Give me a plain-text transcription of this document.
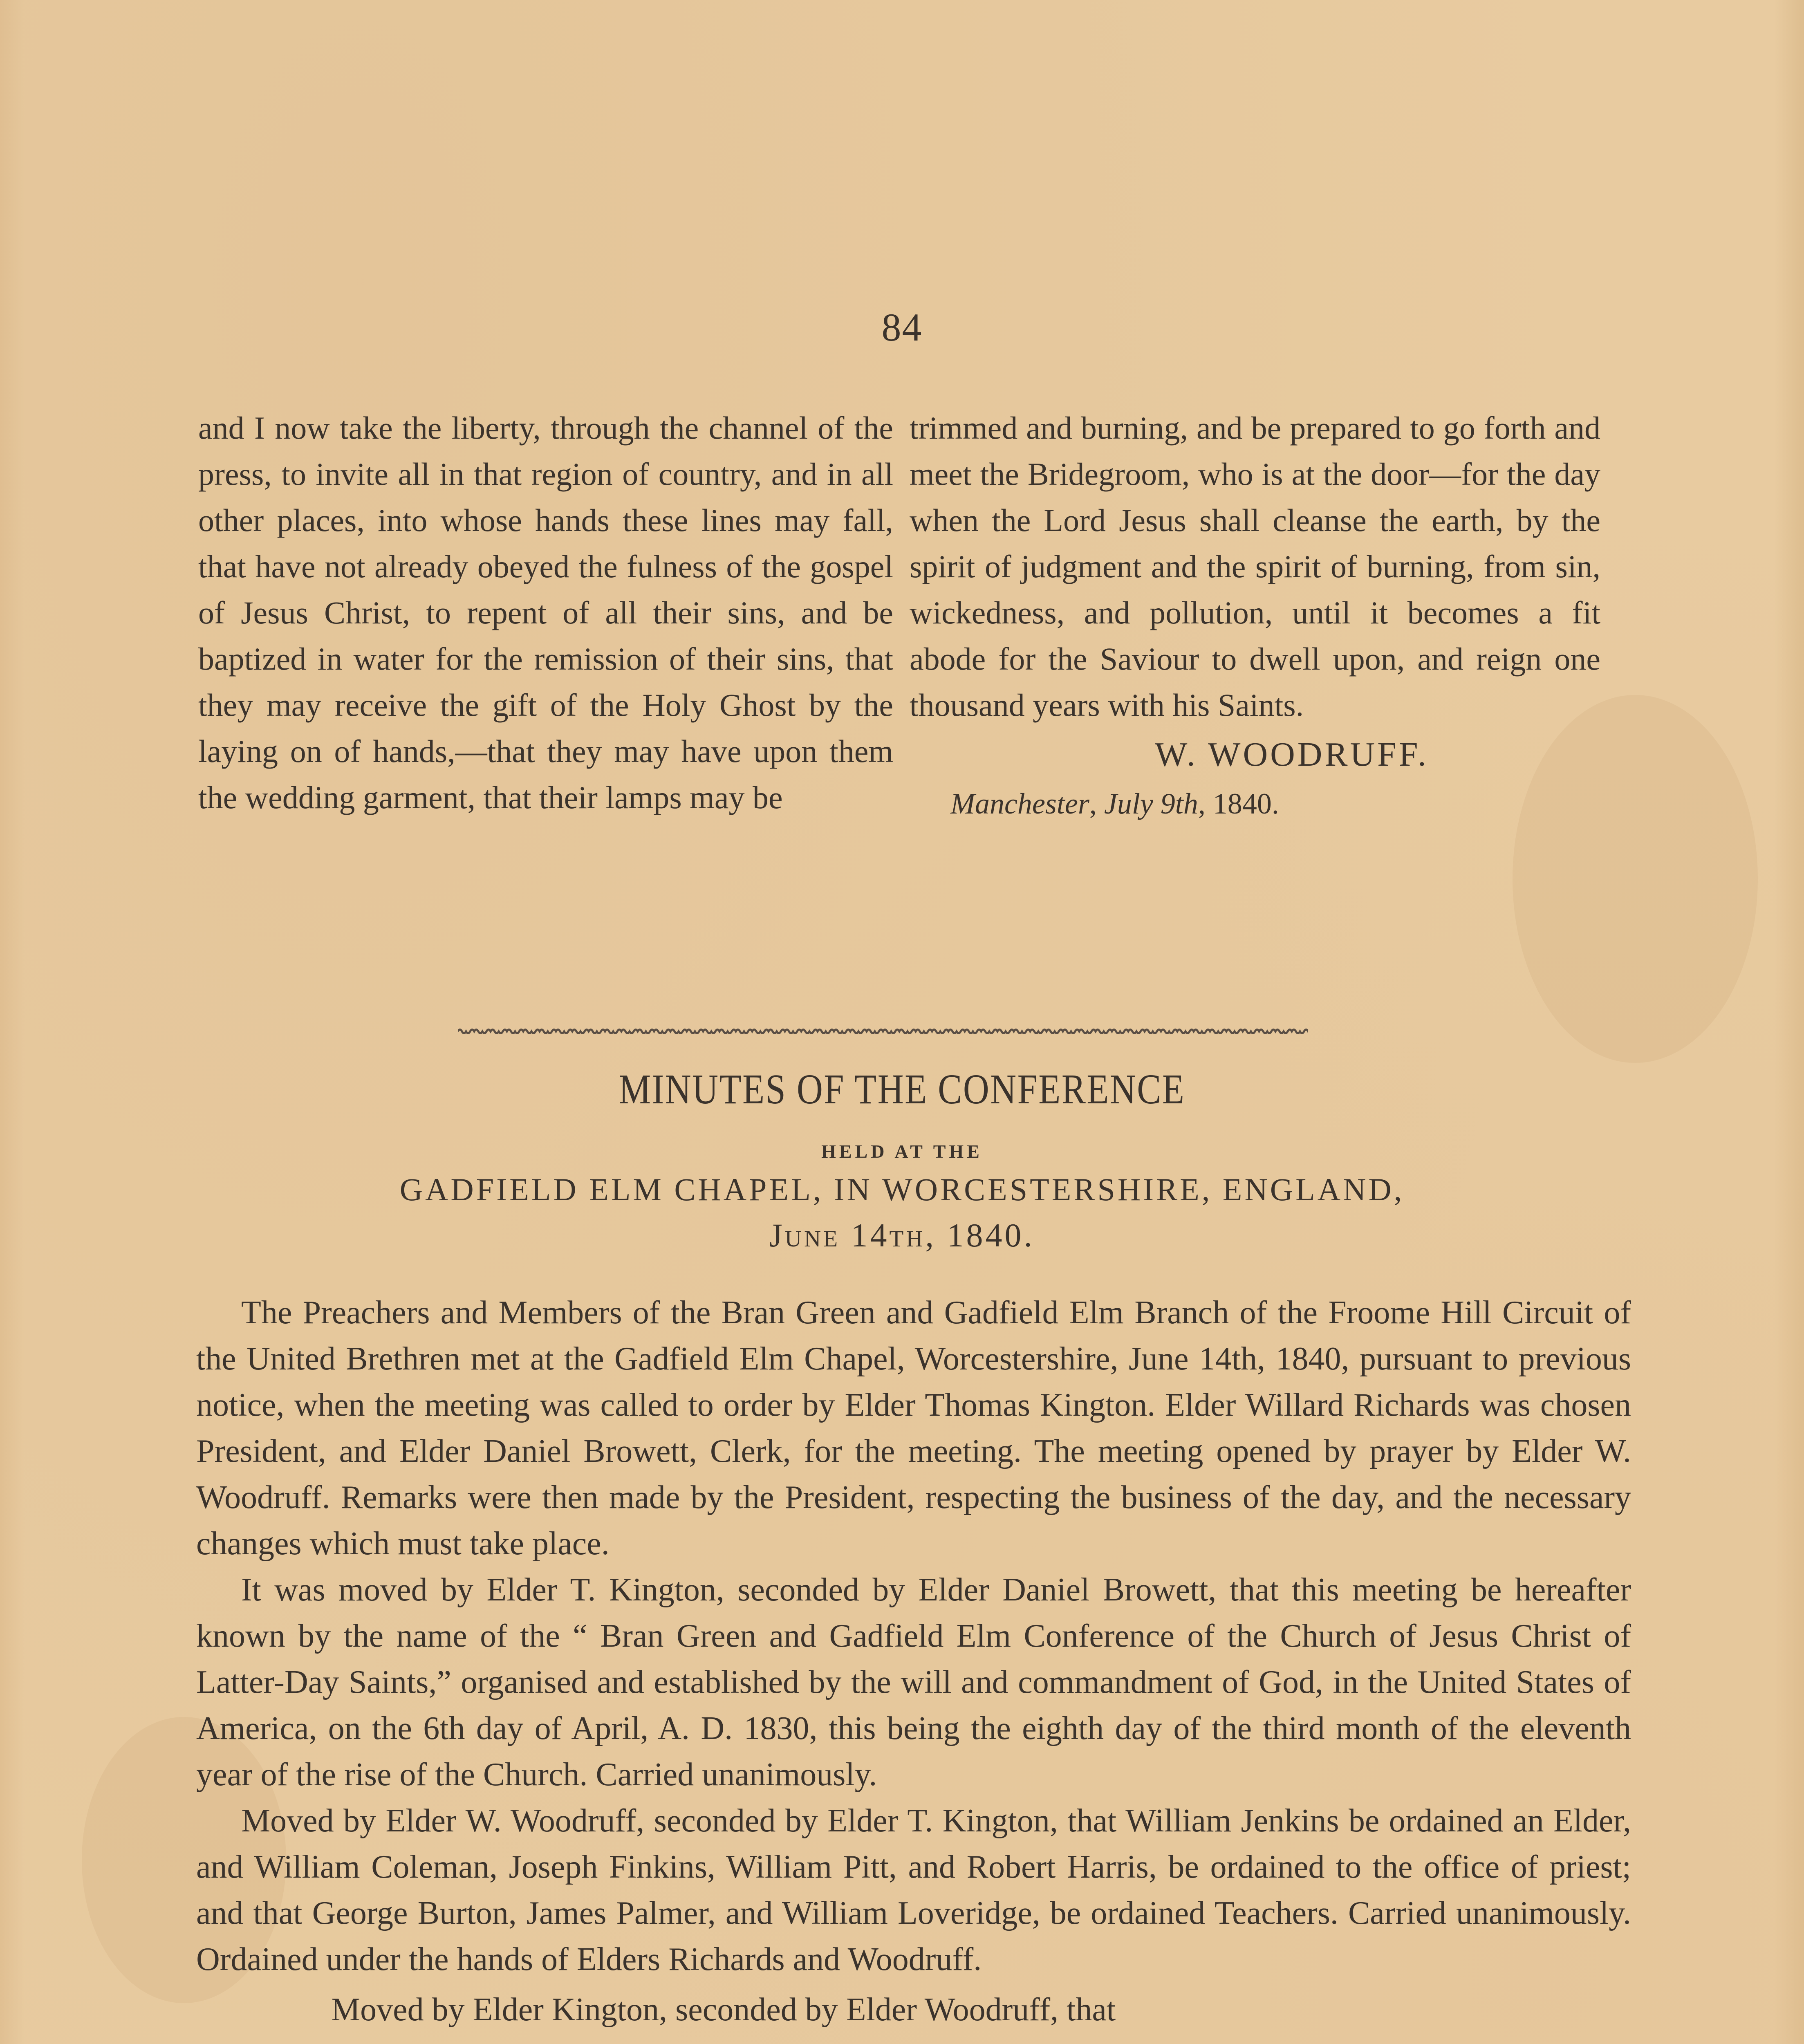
84

and I now take the liberty, through the channel of the press, to invite all in that region of country, and in all other places, into whose hands these lines may fall, that have not already obeyed the fulness of the gospel of Jesus Christ, to repent of all their sins, and be baptized in water for the remission of their sins, that they may receive the gift of the Holy Ghost by the laying on of hands,—that they may have upon them the wedding garment, that their lamps may be

trimmed and burning, and be prepared to go forth and meet the Bridegroom, who is at the door—for the day when the Lord Jesus shall cleanse the earth, by the spirit of judgment and the spirit of burning, from sin, wickedness, and pollution, until it becomes a fit abode for the Saviour to dwell upon, and reign one thousand years with his Saints.

W. WOODRUFF.
Manchester, July 9th, 1840.
MINUTES OF THE CONFERENCE
HELD AT THE
GADFIELD ELM CHAPEL, IN WORCESTERSHIRE, ENGLAND,
June 14th, 1840.

The Preachers and Members of the Bran Green and Gadfield Elm Branch of the Froome Hill Circuit of the United Brethren met at the Gadfield Elm Chapel, Worcestershire, June 14th, 1840, pursuant to previous notice, when the meeting was called to order by Elder Thomas Kington. Elder Willard Richards was chosen President, and Elder Daniel Browett, Clerk, for the meeting. The meeting opened by prayer by Elder W. Woodruff. Remarks were then made by the President, respecting the business of the day, and the necessary changes which must take place.

It was moved by Elder T. Kington, seconded by Elder Daniel Browett, that this meeting be hereafter known by the name of the “ Bran Green and Gadfield Elm Conference of the Church of Jesus Christ of Latter-Day Saints,” organised and established by the will and commandment of God, in the United States of America, on the 6th day of April, A. D. 1830, this being the eighth day of the third month of the eleventh year of the rise of the Church. Carried unanimously.

Moved by Elder W. Woodruff, seconded by Elder T. Kington, that William Jenkins be ordained an Elder, and William Coleman, Joseph Finkins, William Pitt, and Robert Harris, be ordained to the office of priest; and that George Burton, James Palmer, and William Loveridge, be ordained Teachers. Carried unanimously. Ordained under the hands of Elders Richards and Woodruff.

Moved by Elder Kington, seconded by Elder Woodruff, that
